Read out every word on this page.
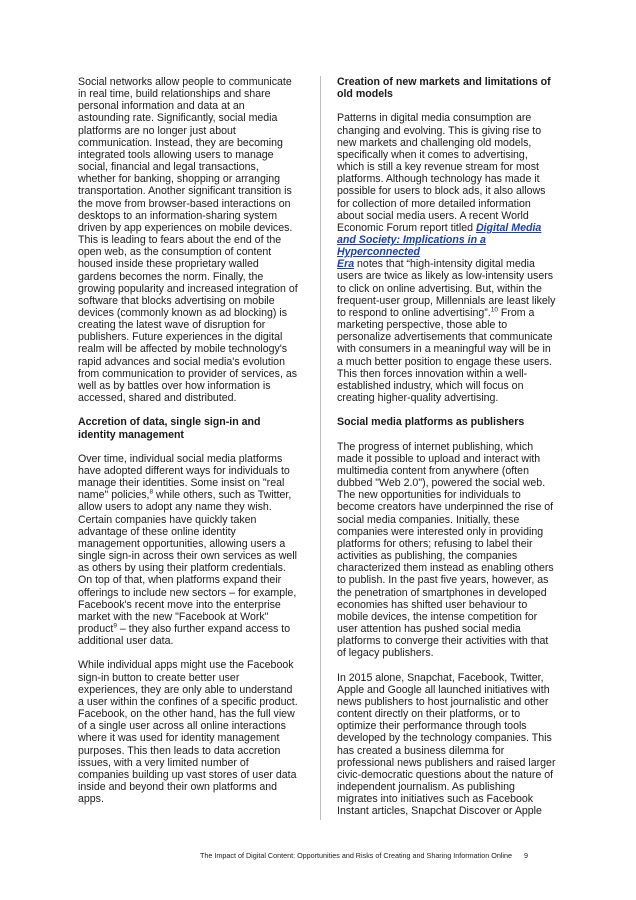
Social networks allow people to communicate
in real time, build relationships and share
personal information and data at an
astounding rate. Significantly, social media
platforms are no longer just about
communication. Instead, they are becoming
integrated tools allowing users to manage
social, financial and legal transactions,
whether for banking, shopping or arranging
transportation. Another significant transition is
the move from browser-based interactions on
desktops to an information-sharing system
driven by app experiences on mobile devices.
This is leading to fears about the end of the
open web, as the consumption of content
housed inside these proprietary walled
gardens becomes the norm. Finally, the
growing popularity and increased integration of
software that blocks advertising on mobile
devices (commonly known as ad blocking) is
creating the latest wave of disruption for
publishers. Future experiences in the digital
realm will be affected by mobile technology's
rapid advances and social media's evolution
from communication to provider of services, as
well as by battles over how information is
accessed, shared and distributed.

Accretion of data, single sign-in and
identity management

Over time, individual social media platforms
have adopted different ways for individuals to
manage their identities. Some insist on "real
name" policies,$^8$ while others, such as Twitter,
allow users to adopt any name they wish.
Certain companies have quickly taken
advantage of these online identity
management opportunities, allowing users a
single sign-in across their own services as well
as others by using their platform credentials.
On top of that, when platforms expand their
offerings to include new sectors – for example,
Facebook's recent move into the enterprise
market with the new "Facebook at Work"
product$^9$ – they also further expand access to
additional user data.

While individual apps might use the Facebook
sign-in button to create better user
experiences, they are only able to understand
a user within the confines of a specific product.
Facebook, on the other hand, has the full view
of a single user across all online interactions
where it was used for identity management
purposes. This then leads to data accretion
issues, with a very limited number of
companies building up vast stores of user data
inside and beyond their own platforms and
apps.

Creation of new markets and limitations of
old models

Patterns in digital media consumption are
changing and evolving. This is giving rise to
new markets and challenging old models,
specifically when it comes to advertising,
which is still a key revenue stream for most
platforms. Although technology has made it
possible for users to block ads, it also allows
for collection of more detailed information
about social media users. A recent World
Economic Forum report titled Digital Media
and Society: Implications in a Hyperconnected
Era notes that “high-intensity digital media
users are twice as likely as low-intensity users
to click on online advertising. But, within the
frequent-user group, Millennials are least likely
to respond to online advertising”.$^{10}$ From a
marketing perspective, those able to
personalize advertisements that communicate
with consumers in a meaningful way will be in
a much better position to engage these users.
This then forces innovation within a well-
established industry, which will focus on
creating higher-quality advertising.

Social media platforms as publishers

The progress of internet publishing, which
made it possible to upload and interact with
multimedia content from anywhere (often
dubbed "Web 2.0"), powered the social web.
The new opportunities for individuals to
become creators have underpinned the rise of
social media companies. Initially, these
companies were interested only in providing
platforms for others; refusing to label their
activities as publishing, the companies
characterized them instead as enabling others
to publish. In the past five years, however, as
the penetration of smartphones in developed
economies has shifted user behaviour to
mobile devices, the intense competition for
user attention has pushed social media
platforms to converge their activities with that
of legacy publishers.

In 2015 alone, Snapchat, Facebook, Twitter,
Apple and Google all launched initiatives with
news publishers to host journalistic and other
content directly on their platforms, or to
optimize their performance through tools
developed by the technology companies. This
has created a business dilemma for
professional news publishers and raised larger
civic-democratic questions about the nature of
independent journalism. As publishing
migrates into initiatives such as Facebook
Instant articles, Snapchat Discover or Apple

The Impact of Digital Content: Opportunities and Risks of Creating and Sharing Information Online 9
